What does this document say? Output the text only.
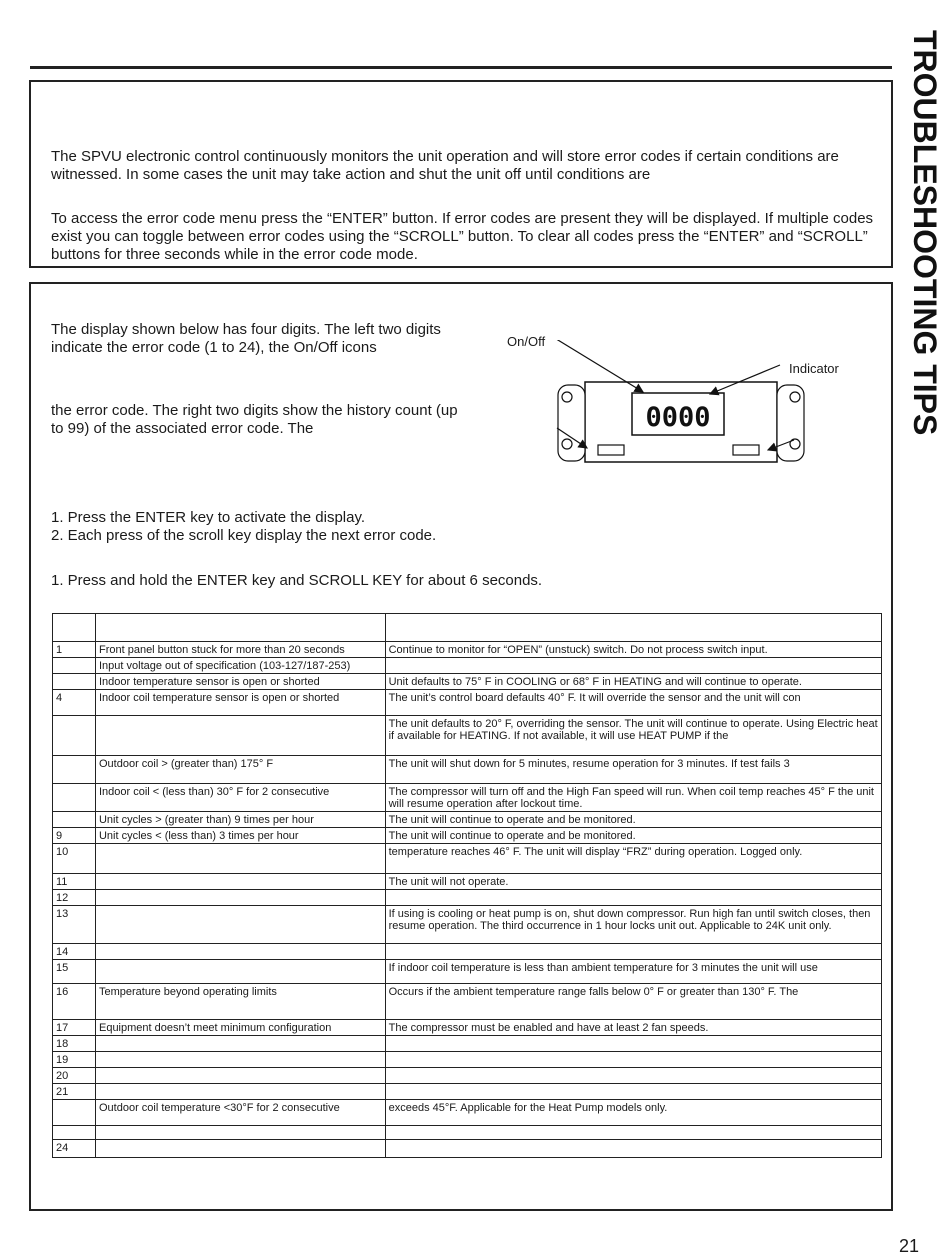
TROUBLESHOOTING TIPS

The SPVU electronic control continuously monitors the unit operation and will store error codes if certain conditions are witnessed. In some cases the unit may take action and shut the unit off until conditions are

To access the error code menu press the “ENTER” button. If error codes are present they will be displayed. If multiple codes exist you can toggle between error codes using the “SCROLL” button. To clear all codes press the “ENTER” and “SCROLL” buttons for three seconds while in the error code mode.

The display shown below has four digits. The left two digits indicate the error code (1 to 24), the On/Off icons

the error code. The right two digits show the history count (up to 99) of the associated error code. The

On/Off
Indicator
0000
1. Press the ENTER key to activate the display.
2. Each press of the scroll key display the next error code.
1. Press and hold the ENTER key and SCROLL KEY for about 6 seconds.

1	Front panel button stuck for more than 20 seconds	Continue to monitor for “OPEN” (unstuck) switch. Do not process switch input.
	Input voltage out of specification (103-127/187-253)	
	Indoor temperature sensor is open or shorted	Unit defaults to 75° F in COOLING or 68° F in HEATING and will continue to operate.
4	Indoor coil temperature sensor is open or shorted	The unit’s control board defaults 40° F. It will override the sensor and the unit will con
		The unit defaults to 20° F, overriding the sensor. The unit will continue to operate. Using Electric heat if available for HEATING. If not available, it will use HEAT PUMP if the
	Outdoor coil > (greater than) 175° F	The unit will shut down for 5 minutes, resume operation for 3 minutes. If test fails 3
	Indoor coil < (less than) 30° F for 2 consecutive	The compressor will turn off and the High Fan speed will run. When coil temp reaches 45° F the unit will resume operation after lockout time.
	Unit cycles > (greater than) 9 times per hour	The unit will continue to operate and be monitored.
9	Unit cycles < (less than) 3 times per hour	The unit will continue to operate and be monitored.
10		temperature reaches 46° F. The unit will display “FRZ” during operation. Logged only.
11		The unit will not operate.
12		
13		If using is cooling or heat pump is on, shut down compressor. Run high fan until switch closes, then resume operation. The third occurrence in 1 hour locks unit out. Applicable to 24K unit only.
14		
15		If indoor coil temperature is less than ambient temperature for 3 minutes the unit will use
16	Temperature beyond operating limits	Occurs if the ambient temperature range falls below 0° F or greater than 130° F. The
17	Equipment doesn’t meet minimum configuration	The compressor must be enabled and have at least 2 fan speeds.
18		
19		
20		
21		
	Outdoor coil temperature <30°F for 2 consecutive	exceeds 45°F. Applicable for the Heat Pump models only.

24		
21
